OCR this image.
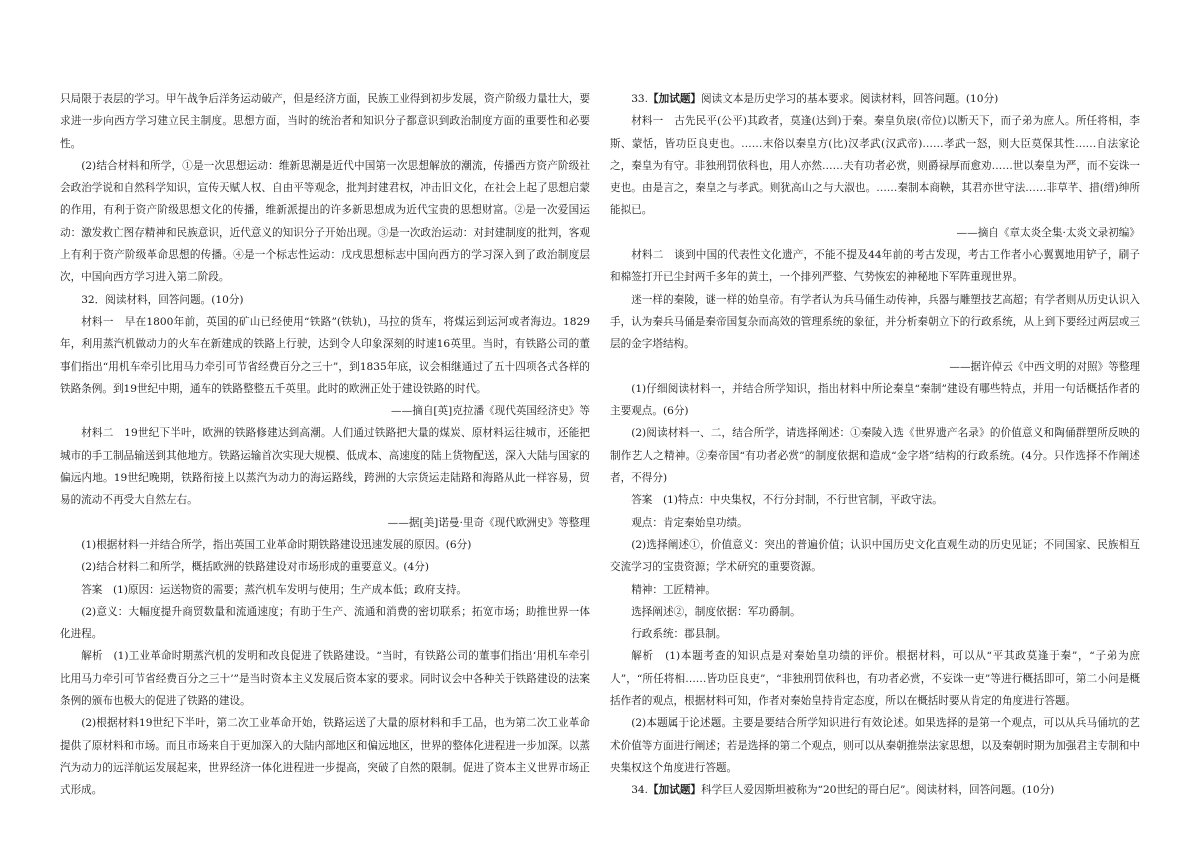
只局限于表层的学习。甲午战争后洋务运动破产，但是经济方面，民族工业得到初步发展，资产阶级力量壮大，要求进一步向西方学习建立民主制度。思想方面，当时的统治者和知识分子都意识到政治制度方面的重要性和必要性。

(2)结合材料和所学，①是一次思想运动：维新思潮是近代中国第一次思想解放的潮流，传播西方资产阶级社会政治学说和自然科学知识，宣传天赋人权、自由平等观念，批判封建君权，冲击旧文化，在社会上起了思想启蒙的作用，有利于资产阶级思想文化的传播，维新派提出的许多新思想成为近代宝贵的思想财富。②是一次爱国运动：激发救亡图存精神和民族意识，近代意义的知识分子开始出现。③是一次政治运动：对封建制度的批判，客观上有利于资产阶级革命思想的传播。④是一个标志性运动：戊戌思想标志中国向西方的学习深入到了政治制度层次，中国向西方学习进入第二阶段。

32．阅读材料，回答问题。(10分)

材料一　早在1800年前，英国的矿山已经使用“铁路”(铁轨)，马拉的货车，将煤运到运河或者海边。1829年，利用蒸汽机做动力的火车在新建成的铁路上行驶，达到令人印象深刻的时速16英里。当时，有铁路公司的董事们指出“用机车牵引比用马力牵引可节省经费百分之三十”，到1835年底，议会相继通过了五十四项各式各样的铁路条例。到19世纪中期，通车的铁路整整五千英里。此时的欧洲正处于建设铁路的时代。

——摘自[英]克拉潘《现代英国经济史》等

材料二　19世纪下半叶，欧洲的铁路修建达到高潮。人们通过铁路把大量的煤炭、原材料运往城市，还能把城市的手工制品输送到其他地方。铁路运输首次实现大规模、低成本、高速度的陆上货物配送，深入大陆与国家的偏远内地。19世纪晚期，铁路衔接上以蒸汽为动力的海运路线，跨洲的大宗货运走陆路和海路从此一样容易，贸易的流动不再受大自然左右。

——据[美]诺曼·里奇《现代欧洲史》等整理

(1)根据材料一并结合所学，指出英国工业革命时期铁路建设迅速发展的原因。(6分)

(2)结合材料二和所学，概括欧洲的铁路建设对市场形成的重要意义。(4分)

答案　(1)原因：运送物资的需要；蒸汽机车发明与使用；生产成本低；政府支持。

(2)意义：大幅度提升商贸数量和流通速度；有助于生产、流通和消费的密切联系；拓宽市场；助推世界一体化进程。

解析　(1)工业革命时期蒸汽机的发明和改良促进了铁路建设。“当时，有铁路公司的董事们指出‘用机车牵引比用马力牵引可节省经费百分之三十’”是当时资本主义发展后资本家的要求。同时议会中各种关于铁路建设的法案条例的颁布也极大的促进了铁路的建设。

(2)根据材料19世纪下半叶，第二次工业革命开始，铁路运送了大量的原材料和手工品，也为第二次工业革命提供了原材料和市场。而且市场来自于更加深入的大陆内部地区和偏远地区，世界的整体化进程进一步加深。以蒸汽为动力的远洋航运发展起来，世界经济一体化进程进一步提高，突破了自然的限制。促进了资本主义世界市场正式形成。

33.【加试题】阅读文本是历史学习的基本要求。阅读材料，回答问题。(10分)

材料一　古先民平(公平)其政者，莫逢(达到)于秦。秦皇负扆(帝位)以断天下，而子弟为庶人。所任将相，李斯、蒙恬，皆功臣良吏也。……末俗以秦皇方(比)汉孝武(汉武帝)……孝武一怒，则大臣莫保其性……自法家论之，秦皇为有守。非独刑罚依科也，用人亦然……夫有功者必赏，则爵禄厚而愈劝……世以秦皇为严，而不妄诛一吏也。由是言之，秦皇之与孝武。则犹高山之与大淑也。……秦制本商鞅，其君亦世守法……非草芊、措(缙)绅所能拟已。

——摘自《章太炎全集·太炎文录初编》

材料二　谈到中国的代表性文化遗产，不能不提及44年前的考古发现，考古工作者小心翼翼地用铲子，刷子和棉签打开已尘封两千多年的黄土，一个排列严整、气势恢宏的神秘地下军阵重现世界。

迷一样的秦陵，谜一样的始皇帝。有学者认为兵马俑生动传神，兵器与雕塑技艺高超；有学者则从历史认识入手，认为秦兵马俑是秦帝国复杂而高效的管理系统的象征，并分析秦朝立下的行政系统，从上到下要经过两层或三层的金字塔结构。

——据许倬云《中西文明的对照》等整理

(1)仔细阅读材料一，并结合所学知识，指出材料中所论秦皇“秦制”建设有哪些特点，并用一句话概括作者的主要观点。(6分)

(2)阅读材料一、二，结合所学，请选择阐述：①秦陵入选《世界遗产名录》的价值意义和陶俑群塑所反映的制作艺人之精神。②秦帝国“有功者必赏”的制度依据和造成“金字塔”结构的行政系统。(4分。只作选择不作阐述者，不得分)

答案　(1)特点：中央集权，不行分封制，不行世官制，平政守法。

观点：肯定秦始皇功绩。

(2)选择阐述①，价值意义：突出的普遍价值；认识中国历史文化直观生动的历史见证；不同国家、民族相互交流学习的宝贵资源；学术研究的重要资源。

精神：工匠精神。

选择阐述②，制度依据：军功爵制。

行政系统：郡县制。

解析　(1)本题考查的知识点是对秦始皇功绩的评价。根据材料，可以从“平其政莫逢于秦”，“子弟为庶人”，“所任将相……皆功臣良吏”，“非独刑罚依科也，有功者必赏，不妄诛一吏”等进行概括即可，第二小问是概括作者的观点，根据材料可知，作者对秦始皇持肯定态度，所以在概括时要从肯定的角度进行答题。

(2)本题属于论述题。主要是要结合所学知识进行有效论述。如果选择的是第一个观点，可以从兵马俑坑的艺术价值等方面进行阐述；若是选择的第二个观点，则可以从秦朝推崇法家思想，以及秦朝时期为加强君主专制和中央集权这个角度进行答题。

34.【加试题】科学巨人爱因斯坦被称为“20世纪的哥白尼”。阅读材料，回答问题。(10分)
